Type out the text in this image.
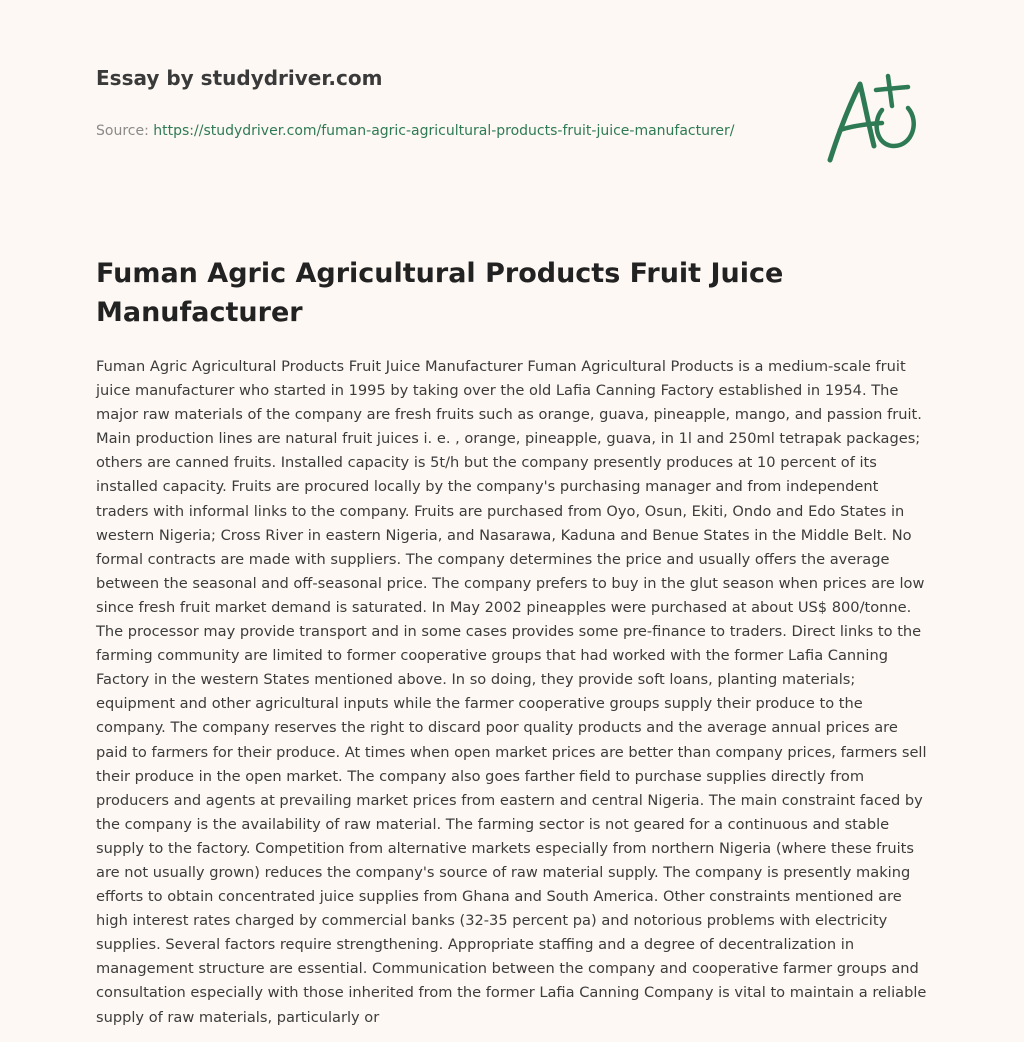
Essay by studydriver.com
Source: https://studydriver.com/fuman-agric-agricultural-products-fruit-juice-manufacturer/
Fuman Agric Agricultural Products Fruit Juice Manufacturer

Fuman Agric Agricultural Products Fruit Juice Manufacturer Fuman Agricultural Products is a medium-scale fruit juice manufacturer who started in 1995 by taking over the old Lafia Canning Factory established in 1954. The major raw materials of the company are fresh fruits such as orange, guava, pineapple, mango, and passion fruit. Main production lines are natural fruit juices i. e. , orange, pineapple, guava, in 1l and 250ml tetrapak packages; others are canned fruits. Installed capacity is 5t/h but the company presently produces at 10 percent of its installed capacity. Fruits are procured locally by the company's purchasing manager and from independent traders with informal links to the company. Fruits are purchased from Oyo, Osun, Ekiti, Ondo and Edo States in western Nigeria; Cross River in eastern Nigeria, and Nasarawa, Kaduna and Benue States in the Middle Belt. No formal contracts are made with suppliers. The company determines the price and usually offers the average between the seasonal and off-seasonal price. The company prefers to buy in the glut season when prices are low since fresh fruit market demand is saturated. In May 2002 pineapples were purchased at about US$ 800/tonne. The processor may provide transport and in some cases provides some pre-finance to traders. Direct links to the farming community are limited to former cooperative groups that had worked with the former Lafia Canning Factory in the western States mentioned above. In so doing, they provide soft loans, planting materials; equipment and other agricultural inputs while the farmer cooperative groups supply their produce to the company. The company reserves the right to discard poor quality products and the average annual prices are paid to farmers for their produce. At times when open market prices are better than company prices, farmers sell their produce in the open market. The company also goes farther field to purchase supplies directly from producers and agents at prevailing market prices from eastern and central Nigeria. The main constraint faced by the company is the availability of raw material. The farming sector is not geared for a continuous and stable supply to the factory. Competition from alternative markets especially from northern Nigeria (where these fruits are not usually grown) reduces the company's source of raw material supply. The company is presently making efforts to obtain concentrated juice supplies from Ghana and South America. Other constraints mentioned are high interest rates charged by commercial banks (32-35 percent pa) and notorious problems with electricity supplies. Several factors require strengthening. Appropriate staffing and a degree of decentralization in management structure are essential. Communication between the company and cooperative farmer groups and consultation especially with those inherited from the former Lafia Canning Company is vital to maintain a reliable supply of raw materials, particularly or
